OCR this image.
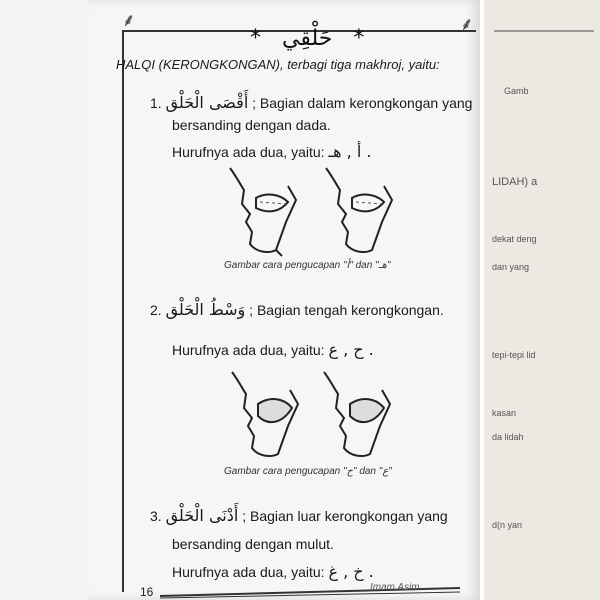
⸙	⸙
* حَلْقِي *
HALQI (KERONGKONGAN), terbagi tiga makhroj, yaitu:
1. أَقْصَى الْحَلْق ; Bagian dalam kerongkongan yang
bersanding dengan dada.
Hurufnya ada dua, yaitu: أ , هـ .
Gambar cara pengucapan "أ" dan "هـ"
2. وَسْطُ الْحَلْق ; Bagian tengah kerongkongan.
Hurufnya ada dua, yaitu: ح , ع .
Gambar cara pengucapan "ح" dan "ع"
3. أَدْنَى الْحَلْق ; Bagian luar kerongkongan yang
bersanding dengan mulut.
Hurufnya ada dua, yaitu: خ , غ .
16	Imam Asim
Gamb
LIDAH) a
dekat deng
dan yang
tepi-tepi lid
kasan
da lidah
d(n yan
